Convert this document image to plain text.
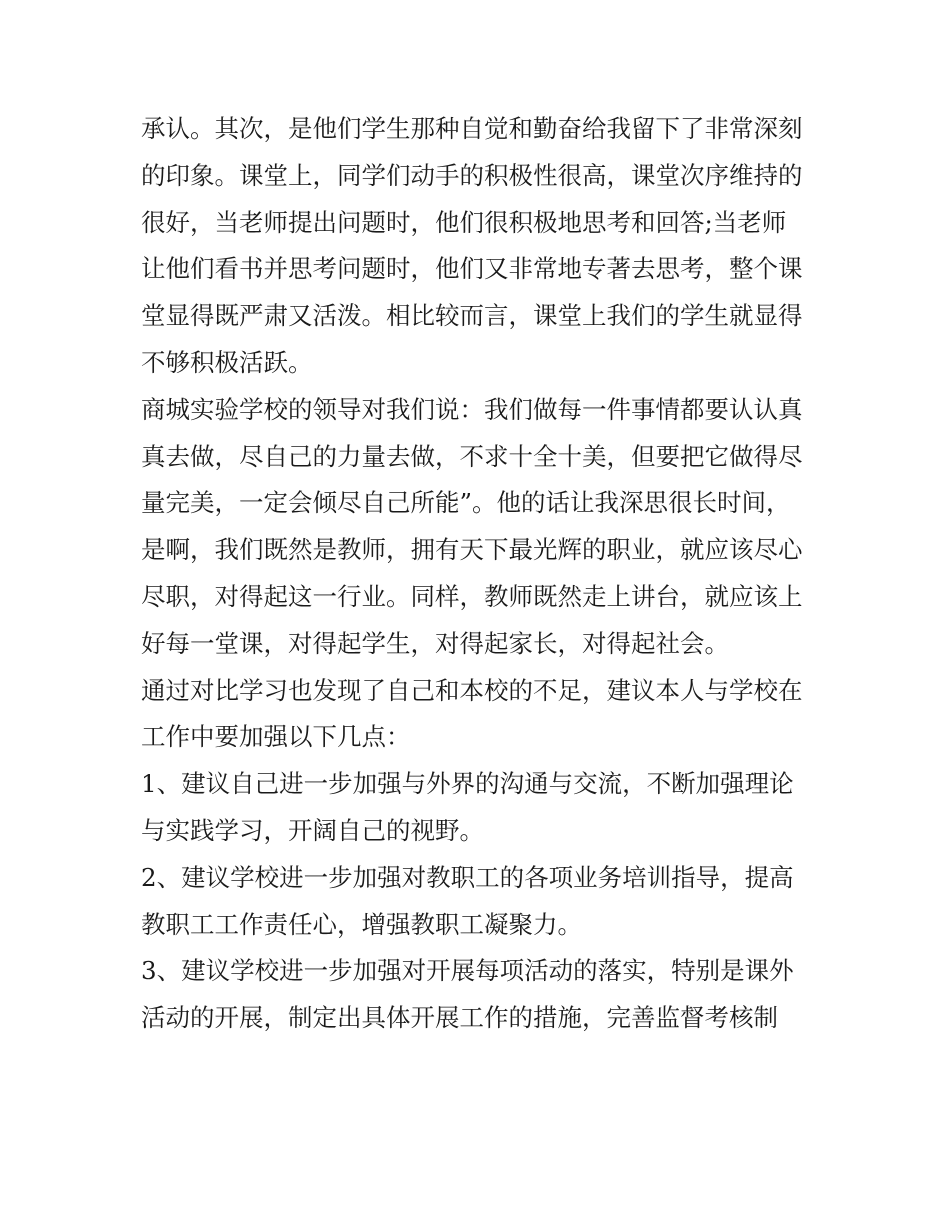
承认。其次，是他们学生那种自觉和勤奋给我留下了非常深刻
的印象。课堂上，同学们动手的积极性很高，课堂次序维持的
很好，当老师提出问题时，他们很积极地思考和回答;当老师
让他们看书并思考问题时，他们又非常地专著去思考，整个课
堂显得既严肃又活泼。相比较而言，课堂上我们的学生就显得
不够积极活跃。
商城实验学校的领导对我们说：我们做每一件事情都要认认真
真去做，尽自己的力量去做，不求十全十美，但要把它做得尽
量完美，一定会倾尽自己所能”。他的话让我深思很长时间，
是啊，我们既然是教师，拥有天下最光辉的职业，就应该尽心
尽职，对得起这一行业。同样，教师既然走上讲台，就应该上
好每一堂课，对得起学生，对得起家长，对得起社会。
通过对比学习也发现了自己和本校的不足，建议本人与学校在
工作中要加强以下几点：
1、建议自己进一步加强与外界的沟通与交流，不断加强理论
与实践学习，开阔自己的视野。
2、建议学校进一步加强对教职工的各项业务培训指导，提高
教职工工作责任心，增强教职工凝聚力。
3、建议学校进一步加强对开展每项活动的落实，特别是课外
活动的开展，制定出具体开展工作的措施，完善监督考核制
